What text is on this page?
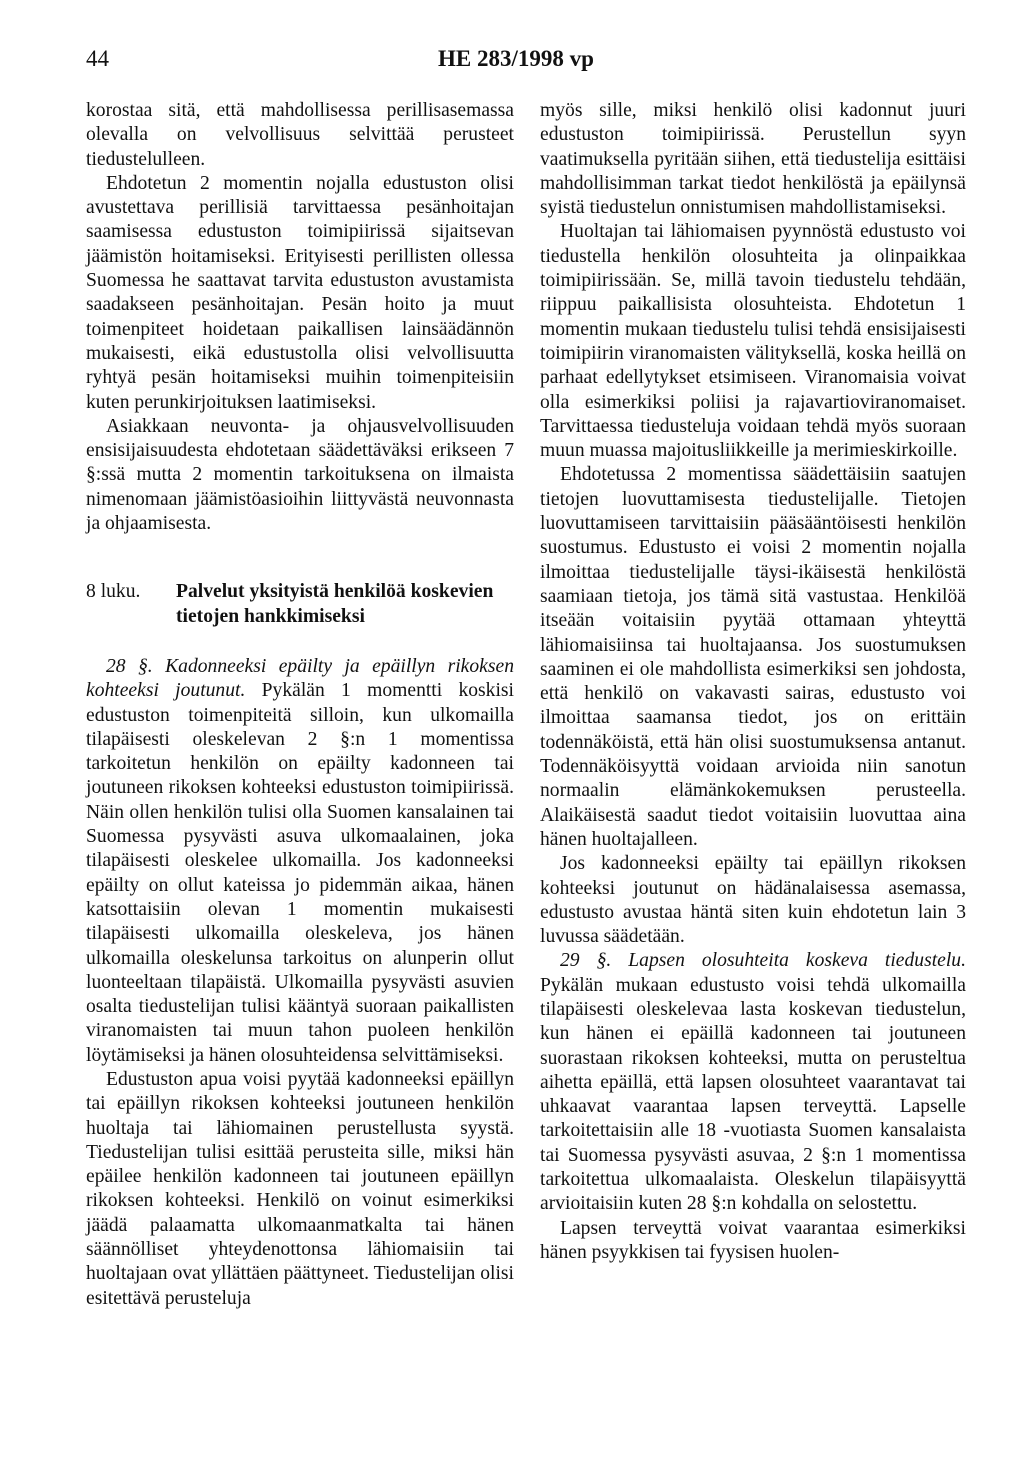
44	HE 283/1998 vp

korostaa sitä, että mahdollisessa perillisasemassa olevalla on velvollisuus selvittää perusteet tiedustelulleen.

Ehdotetun 2 momentin nojalla edustuston olisi avustettava perillisiä tarvittaessa pesänhoitajan saamisessa edustuston toimipiirissä sijaitsevan jäämistön hoitamiseksi. Erityisesti perillisten ollessa Suomessa he saattavat tarvita edustuston avustamista saadakseen pesänhoitajan. Pesän hoito ja muut toimenpiteet hoidetaan paikallisen lainsäädännön mukaisesti, eikä edustustolla olisi velvollisuutta ryhtyä pesän hoitamiseksi muihin toimenpiteisiin kuten perunkirjoituksen laatimiseksi.

Asiakkaan neuvonta- ja ohjausvelvollisuuden ensisijaisuudesta ehdotetaan säädettäväksi erikseen 7 §:ssä mutta 2 momentin tarkoituksena on ilmaista nimenomaan jäämistöasioihin liittyvästä neuvonnasta ja ohjaamisesta.

8 luku.	Palvelut yksityistä henkilöä koskevien tietojen hankkimiseksi

28 §. Kadonneeksi epäilty ja epäillyn rikoksen kohteeksi joutunut. Pykälän 1 momentti koskisi edustuston toimenpiteitä silloin, kun ulkomailla tilapäisesti oleskelevan 2 §:n 1 momentissa tarkoitetun henkilön on epäilty kadonneen tai joutuneen rikoksen kohteeksi edustuston toimipiirissä. Näin ollen henkilön tulisi olla Suomen kansalainen tai Suomessa pysyvästi asuva ulkomaalainen, joka tilapäisesti oleskelee ulkomailla. Jos kadonneeksi epäilty on ollut kateissa jo pidemmän aikaa, hänen katsottaisiin olevan 1 momentin mukaisesti tilapäisesti ulkomailla oleskeleva, jos hänen ulkomailla oleskelunsa tarkoitus on alunperin ollut luonteeltaan tilapäistä. Ulkomailla pysyvästi asuvien osalta tiedustelijan tulisi kääntyä suoraan paikallisten viranomaisten tai muun tahon puoleen henkilön löytämiseksi ja hänen olosuhteidensa selvittämiseksi.

Edustuston apua voisi pyytää kadonneeksi epäillyn tai epäillyn rikoksen kohteeksi joutuneen henkilön huoltaja tai lähiomainen perustellusta syystä. Tiedustelijan tulisi esittää perusteita sille, miksi hän epäilee henkilön kadonneen tai joutuneen epäillyn rikoksen kohteeksi. Henkilö on voinut esimerkiksi jäädä palaamatta ulkomaanmatkalta tai hänen säännölliset yhteydenottonsa lähiomaisiin tai huoltajaan ovat yllättäen päättyneet. Tiedustelijan olisi esitettävä perusteluja

myös sille, miksi henkilö olisi kadonnut juuri edustuston toimipiirissä. Perustellun syyn vaatimuksella pyritään siihen, että tiedustelija esittäisi mahdollisimman tarkat tiedot henkilöstä ja epäilynsä syistä tiedustelun onnistumisen mahdollistamiseksi.

Huoltajan tai lähiomaisen pyynnöstä edustusto voi tiedustella henkilön olosuhteita ja olinpaikkaa toimipiirissään. Se, millä tavoin tiedustelu tehdään, riippuu paikallisista olosuhteista. Ehdotetun 1 momentin mukaan tiedustelu tulisi tehdä ensisijaisesti toimipiirin viranomaisten välityksellä, koska heillä on parhaat edellytykset etsimiseen. Viranomaisia voivat olla esimerkiksi poliisi ja rajavartioviranomaiset. Tarvittaessa tiedusteluja voidaan tehdä myös suoraan muun muassa majoitusliikkeille ja merimieskirkoille.

Ehdotetussa 2 momentissa säädettäisiin saatujen tietojen luovuttamisesta tiedustelijalle. Tietojen luovuttamiseen tarvittaisiin pääsääntöisesti henkilön suostumus. Edustusto ei voisi 2 momentin nojalla ilmoittaa tiedustelijalle täysi-ikäisestä henkilöstä saamiaan tietoja, jos tämä sitä vastustaa. Henkilöä itseään voitaisiin pyytää ottamaan yhteyttä lähiomaisiinsa tai huoltajaansa. Jos suostumuksen saaminen ei ole mahdollista esimerkiksi sen johdosta, että henkilö on vakavasti sairas, edustusto voi ilmoittaa saamansa tiedot, jos on erittäin todennäköistä, että hän olisi suostumuksensa antanut. Todennäköisyyttä voidaan arvioida niin sanotun normaalin elämänkokemuksen perusteella. Alaikäisestä saadut tiedot voitaisiin luovuttaa aina hänen huoltajalleen.

Jos kadonneeksi epäilty tai epäillyn rikoksen kohteeksi joutunut on hädänalaisessa asemassa, edustusto avustaa häntä siten kuin ehdotetun lain 3 luvussa säädetään.

29 §. Lapsen olosuhteita koskeva tiedustelu. Pykälän mukaan edustusto voisi tehdä ulkomailla tilapäisesti oleskelevaa lasta koskevan tiedustelun, kun hänen ei epäillä kadonneen tai joutuneen suorastaan rikoksen kohteeksi, mutta on perusteltua aihetta epäillä, että lapsen olosuhteet vaarantavat tai uhkaavat vaarantaa lapsen terveyttä. Lapselle tarkoitettaisiin alle 18 -vuotiasta Suomen kansalaista tai Suomessa pysyvästi asuvaa, 2 §:n 1 momentissa tarkoitettua ulkomaalaista. Oleskelun tilapäisyyttä arvioitaisiin kuten 28 §:n kohdalla on selostettu.

Lapsen terveyttä voivat vaarantaa esimerkiksi hänen psyykkisen tai fyysisen huolen-
